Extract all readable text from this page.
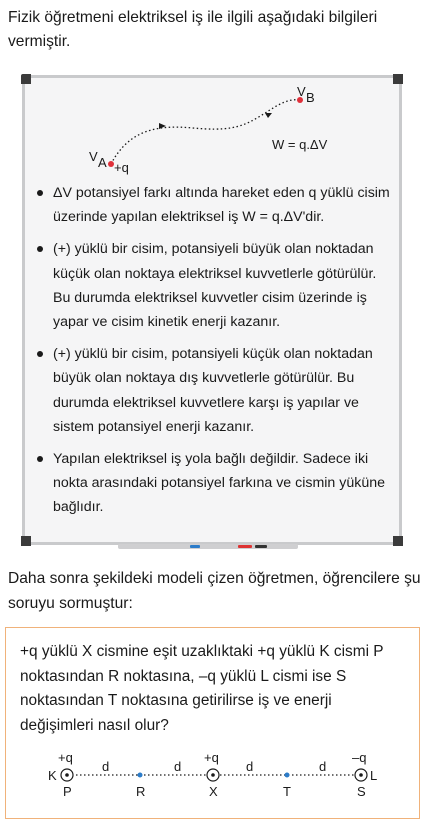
Fizik öğretmeni elektriksel iş ile ilgili aşağıdaki bilgileri vermiştir.
V A +q
V B
W = q.ΔV
ΔV potansiyel farkı altında hareket eden q yüklü cisim üzerinde yapılan elektriksel iş W = q.ΔV'dir.
(+) yüklü bir cisim, potansiyeli büyük olan noktadan küçük olan noktaya elektriksel kuvvetlerle götürülür. Bu durumda elektriksel kuvvetler cisim üzerinde iş yapar ve cisim kinetik enerji kazanır.
(+) yüklü bir cisim, potansiyeli küçük olan noktadan büyük olan noktaya dış kuvvetlerle götürülür. Bu durumda elektriksel kuvvetlere karşı iş yapılar ve sistem potansiyel enerji kazanır.
Yapılan elektriksel iş yola bağlı değildir. Sadece iki nokta arasındaki potansiyel farkına ve cismin yüküne bağlıdır.
Daha sonra şekildeki modeli çizen öğretmen, öğrencilere şu soruyu sormuştur:
+q yüklü X cismine eşit uzaklıktaki +q yüklü K cismi P noktasından R noktasına, –q yüklü L cismi ise S noktasından T noktasına getirilirse iş ve enerji değişimleri nasıl olur?
+q	+q	–q
K	L
d	d	d	d
P	R	X	T	S
